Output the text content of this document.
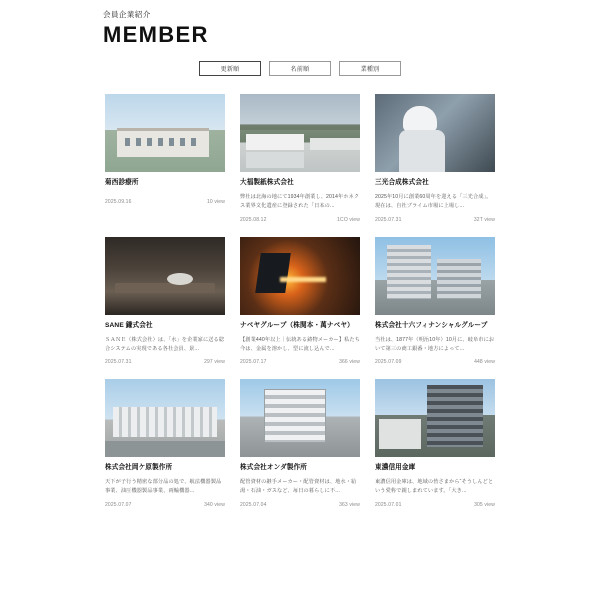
会員企業紹介

MEMBER
更新順	名前順	業種別
菊西診療所
2025.09.16	10 view
大福製紙株式会社
弊社は北海の地にて1934年創業し、2014年ホネクス業界文化遺産に登録された「日本の...
2025.08.12	1CO view
三光合成株式会社
2025年10月に創業60周年を迎える「三光合成」。現在は、自社ブライム市場に上場し...
2025.07.31	32T view
SANE 鎌式会社
ＳＡＮＥ（株式会社）は、「水」を企業家に送る総合システムの実現である各社会員、景...
2025.07.31	297 view
ナベヤグループ（株関本・萬ナベヤ）
【創業440年以上｜伝統ある鋳物メーカー】私たち今は、金属を溶かし、型に流し込んで...
2025.07.17	366 view
株式会社十六フィナンシャルグループ
当社は、1877年（明治10年）10月に、岐阜市において第三の商工銀番・地方によって...
2025.07.09	448 view
株式会社岡ケ原製作所
天下が子行う精密な部分品の処で、航法機器製品事業、油圧機器製品事業、両輪機器...
2025.07.07	340 view
株式会社オンダ製作所
配管資材の継手メーカー・配管資材は、地水・給湯・石油・ガスなど、毎日の暮らしに不...
2025.07.04	363 view
東濃信用金庫
東濃信用金庫は、地域の皆さまから“そうしんどという愛称で親しまれています。「大き...
2025.07.01	305 view
